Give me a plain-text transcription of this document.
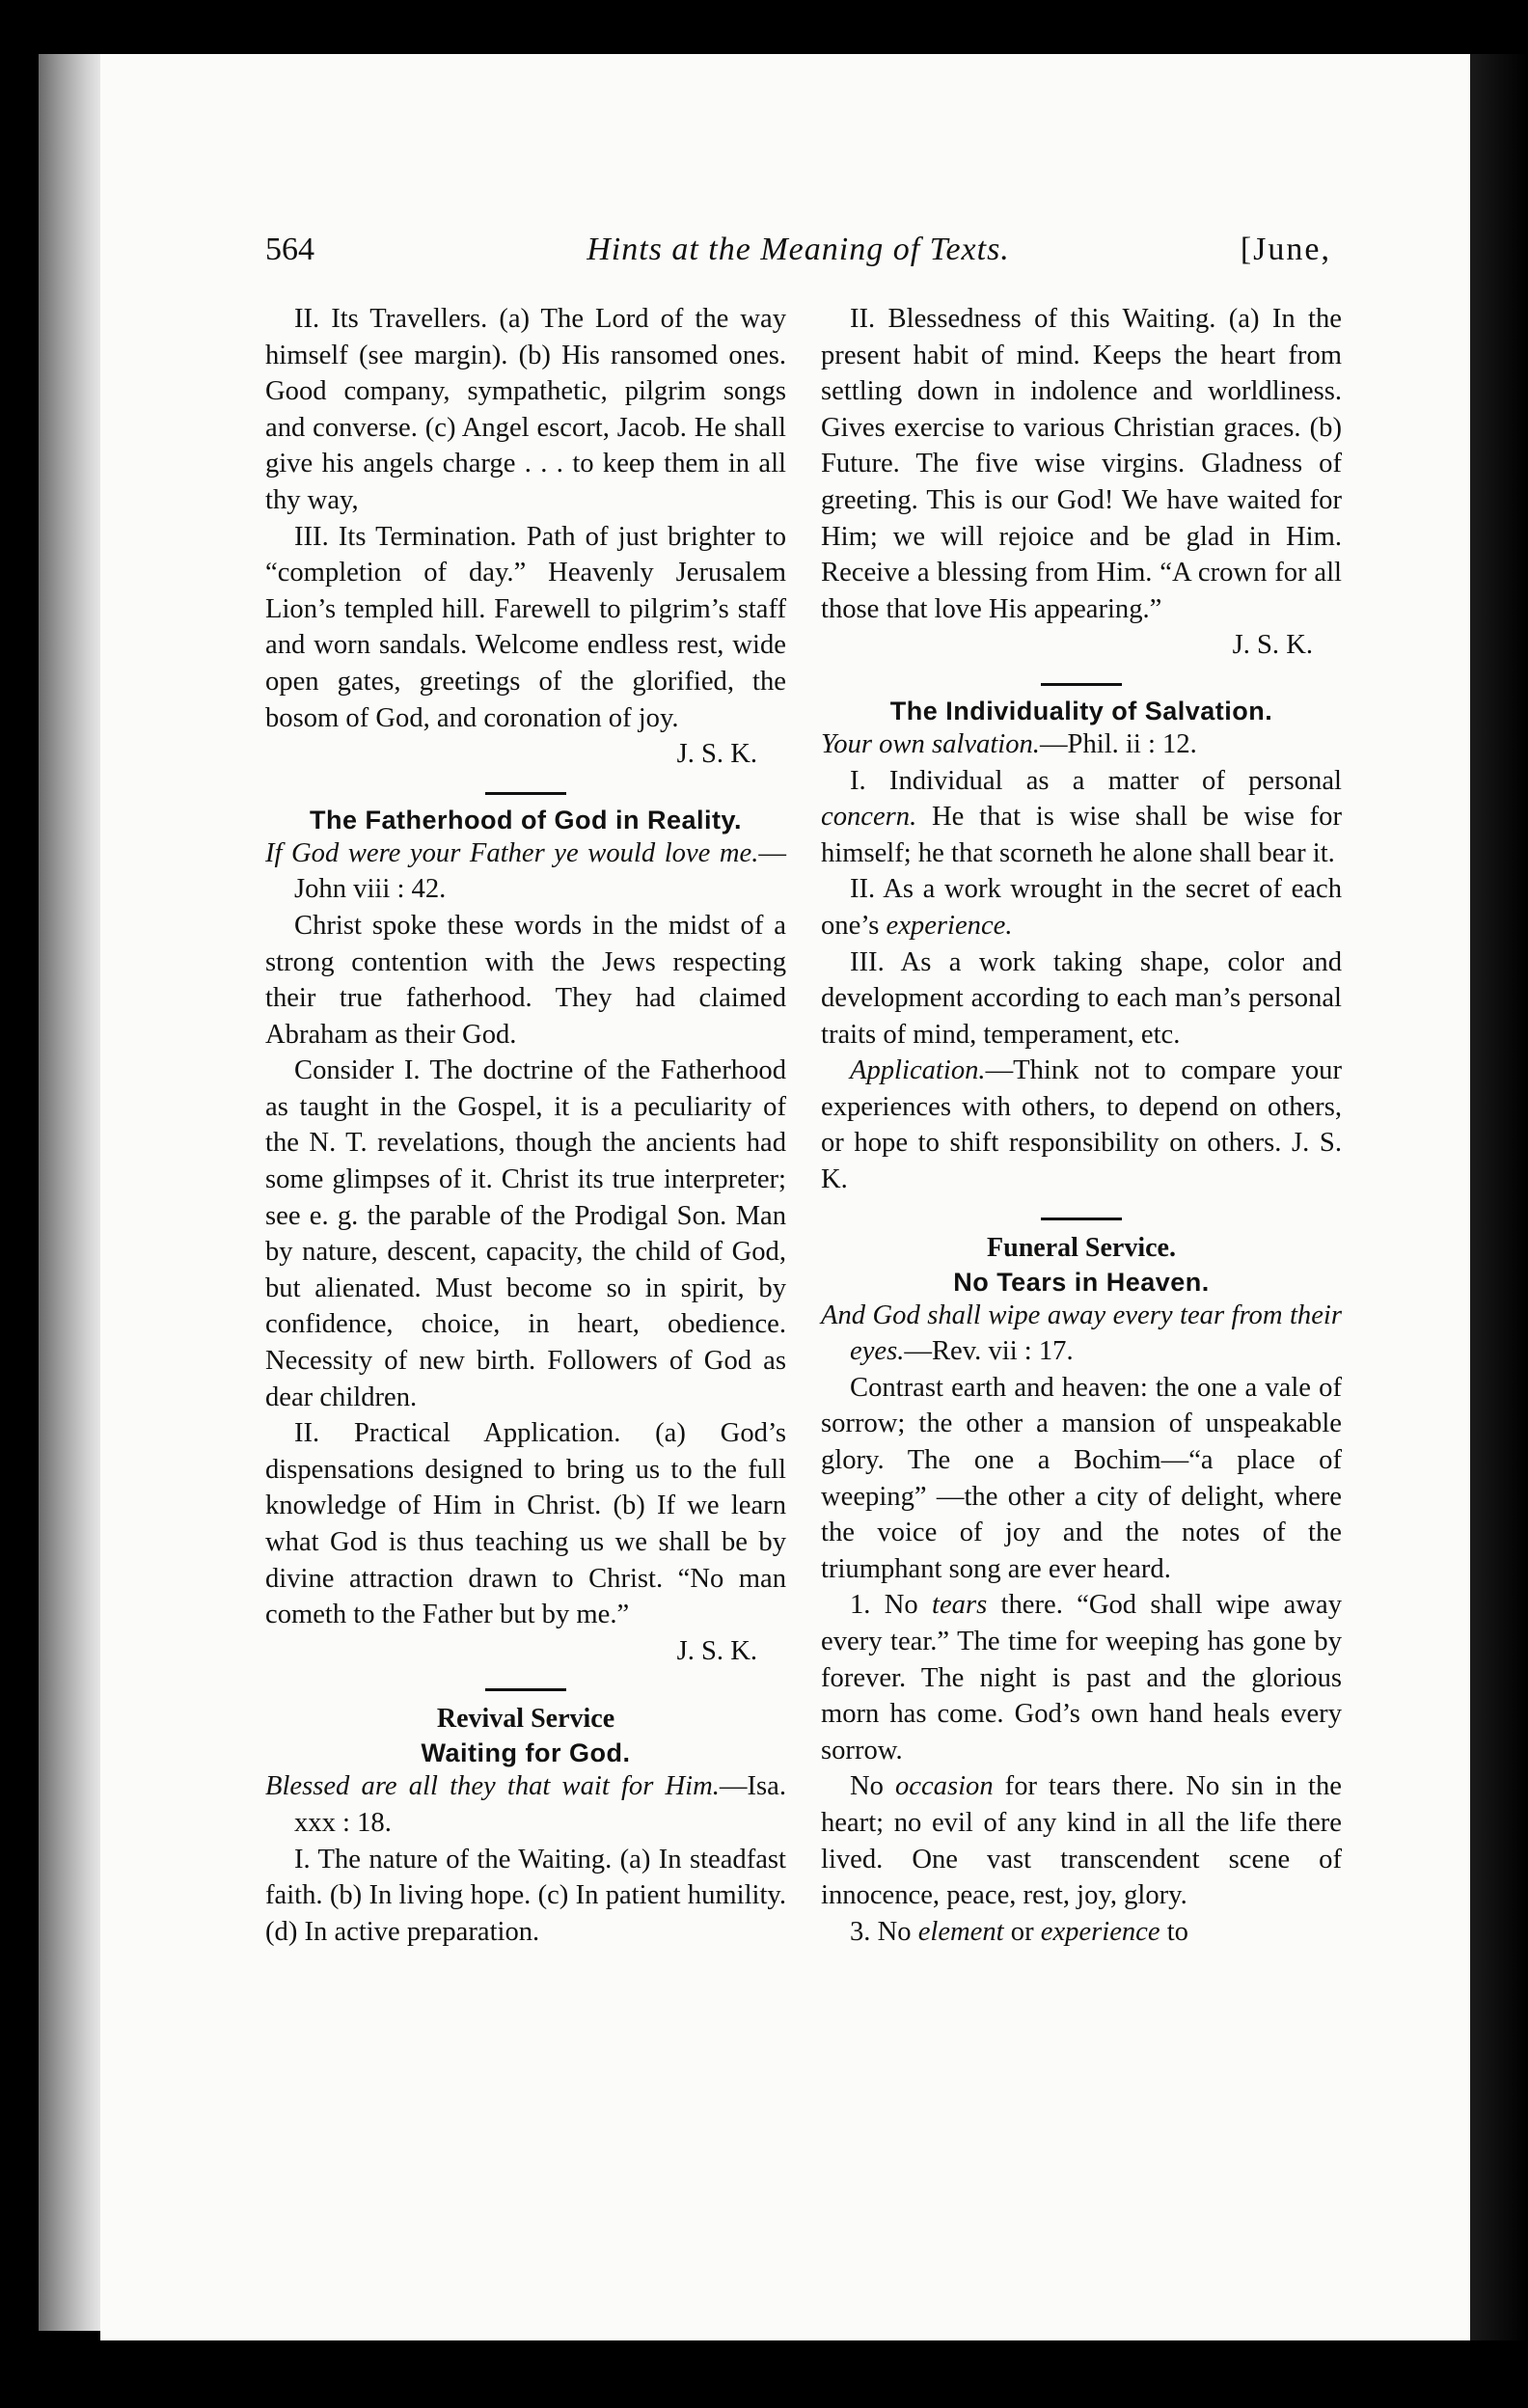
564	Hints at the Meaning of Texts.	[June,

II. Its Travellers. (a) The Lord of the way himself (see margin). (b) His ransomed ones. Good company, sympathetic, pilgrim songs and converse. (c) Angel escort, Jacob. He shall give his angels charge . . . to keep them in all thy way,

III. Its Termination. Path of just brighter to “completion of day.” Heavenly Jerusalem Lion’s templed hill. Farewell to pilgrim’s staff and worn sandals. Welcome endless rest, wide open gates, greetings of the glorified, the bosom of God, and coronation of joy.

J. S. K.

The Fatherhood of God in Reality.

If God were your Father ye would love me.—John viii : 42.

Christ spoke these words in the midst of a strong contention with the Jews respecting their true fatherhood. They had claimed Abraham as their God.

Consider I. The doctrine of the Fatherhood as taught in the Gospel, it is a peculiarity of the N. T. revelations, though the ancients had some glimpses of it. Christ its true interpreter; see e. g. the parable of the Prodigal Son. Man by nature, descent, capacity, the child of God, but alienated. Must become so in spirit, by confidence, choice, in heart, obedience. Necessity of new birth. Followers of God as dear children.

II. Practical Application. (a) God’s dispensations designed to bring us to the full knowledge of Him in Christ. (b) If we learn what God is thus teaching us we shall be by divine attraction drawn to Christ. “No man cometh to the Father but by me.”

J. S. K.

Revival Service
Waiting for God.

Blessed are all they that wait for Him.—Isa. xxx : 18.

I. The nature of the Waiting. (a) In steadfast faith. (b) In living hope. (c) In patient humility. (d) In active preparation.

II. Blessedness of this Waiting. (a) In the present habit of mind. Keeps the heart from settling down in indolence and worldliness. Gives exercise to various Christian graces. (b) Future. The five wise virgins. Gladness of greeting. This is our God! We have waited for Him; we will rejoice and be glad in Him. Receive a blessing from Him. “A crown for all those that love His appearing.”

J. S. K.

The Individuality of Salvation.

Your own salvation.—Phil. ii : 12.

I. Individual as a matter of personal concern. He that is wise shall be wise for himself; he that scorneth he alone shall bear it.

II. As a work wrought in the secret of each one’s experience.

III. As a work taking shape, color and development according to each man’s personal traits of mind, temperament, etc.

Application.—Think not to compare your experiences with others, to depend on others, or hope to shift responsibility on others. J. S. K.

Funeral Service.
No Tears in Heaven.

And God shall wipe away every tear from their eyes.—Rev. vii : 17.

Contrast earth and heaven: the one a vale of sorrow; the other a mansion of unspeakable glory. The one a Bochim—“a place of weeping” —the other a city of delight, where the voice of joy and the notes of the triumphant song are ever heard.

1. No tears there. “God shall wipe away every tear.” The time for weeping has gone by forever. The night is past and the glorious morn has come. God’s own hand heals every sorrow.

No occasion for tears there. No sin in the heart; no evil of any kind in all the life there lived. One vast transcendent scene of innocence, peace, rest, joy, glory.

3. No element or experience to
